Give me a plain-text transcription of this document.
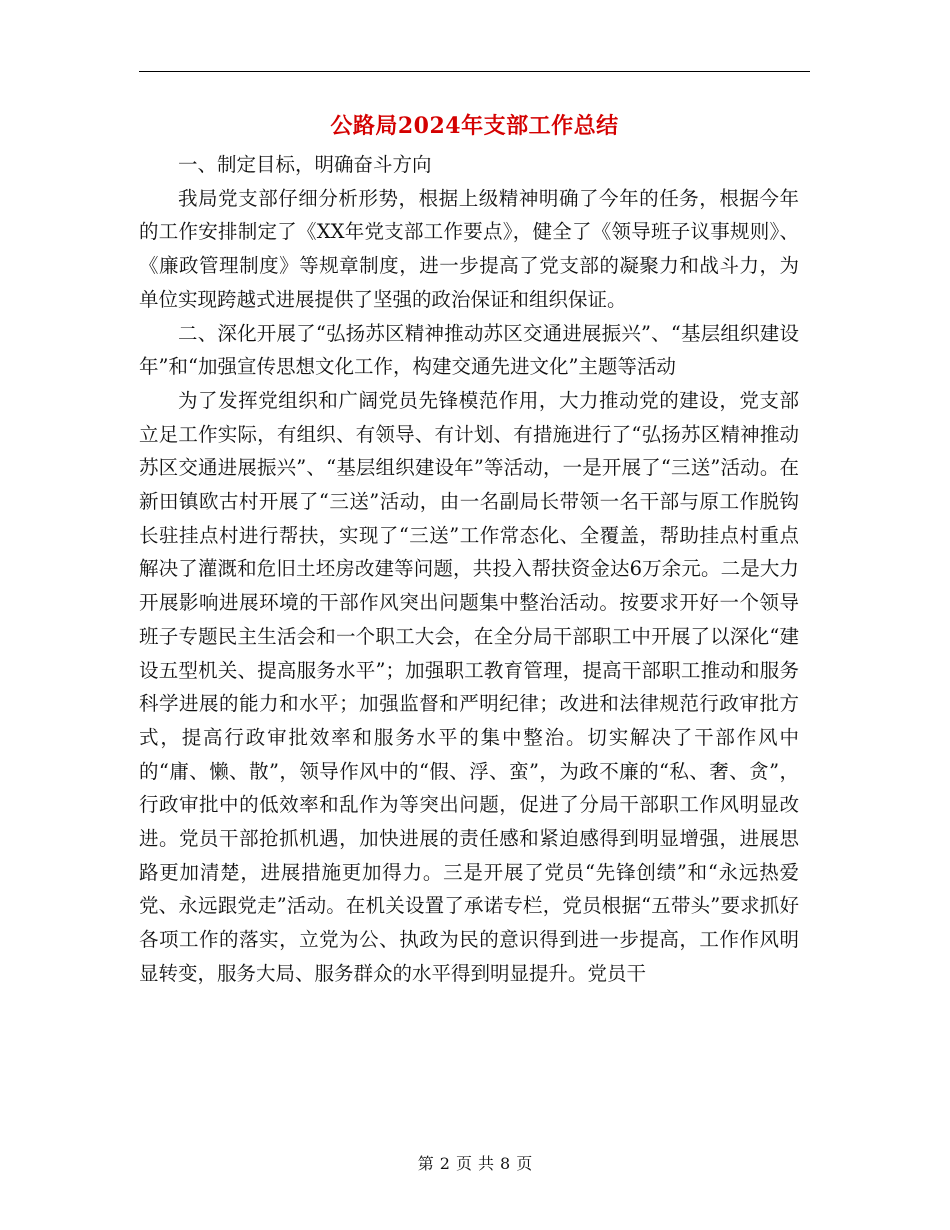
公路局2024年支部工作总结

一、制定目标，明确奋斗方向

我局党支部仔细分析形势，根据上级精神明确了今年的任务，根据今年的工作安排制定了《XX年党支部工作要点》，健全了《领导班子议事规则》、《廉政管理制度》等规章制度，进一步提高了党支部的凝聚力和战斗力，为单位实现跨越式进展提供了坚强的政治保证和组织保证。

二、深化开展了“弘扬苏区精神推动苏区交通进展振兴”、“基层组织建设年”和“加强宣传思想文化工作，构建交通先进文化”主题等活动

为了发挥党组织和广阔党员先锋模范作用，大力推动党的建设，党支部立足工作实际，有组织、有领导、有计划、有措施进行了“弘扬苏区精神推动苏区交通进展振兴”、“基层组织建设年”等活动，一是开展了“三送”活动。在新田镇欧古村开展了“三送”活动，由一名副局长带领一名干部与原工作脱钩长驻挂点村进行帮扶，实现了“三送”工作常态化、全覆盖，帮助挂点村重点解决了灌溉和危旧土坯房改建等问题，共投入帮扶资金达6万余元。二是大力开展影响进展环境的干部作风突出问题集中整治活动。按要求开好一个领导班子专题民主生活会和一个职工大会，在全分局干部职工中开展了以深化“建设五型机关、提高服务水平”；加强职工教育管理，提高干部职工推动和服务科学进展的能力和水平；加强监督和严明纪律；改进和法律规范行政审批方式，提高行政审批效率和服务水平的集中整治。切实解决了干部作风中的“庸、懒、散”，领导作风中的“假、浮、蛮”，为政不廉的“私、奢、贪”，行政审批中的低效率和乱作为等突出问题，促进了分局干部职工作风明显改进。党员干部抢抓机遇，加快进展的责任感和紧迫感得到明显增强，进展思路更加清楚，进展措施更加得力。三是开展了党员“先锋创绩”和“永远热爱党、永远跟党走”活动。在机关设置了承诺专栏，党员根据“五带头”要求抓好各项工作的落实，立党为公、执政为民的意识得到进一步提高，工作作风明显转变，服务大局、服务群众的水平得到明显提升。党员干

第 2 页 共 8 页
